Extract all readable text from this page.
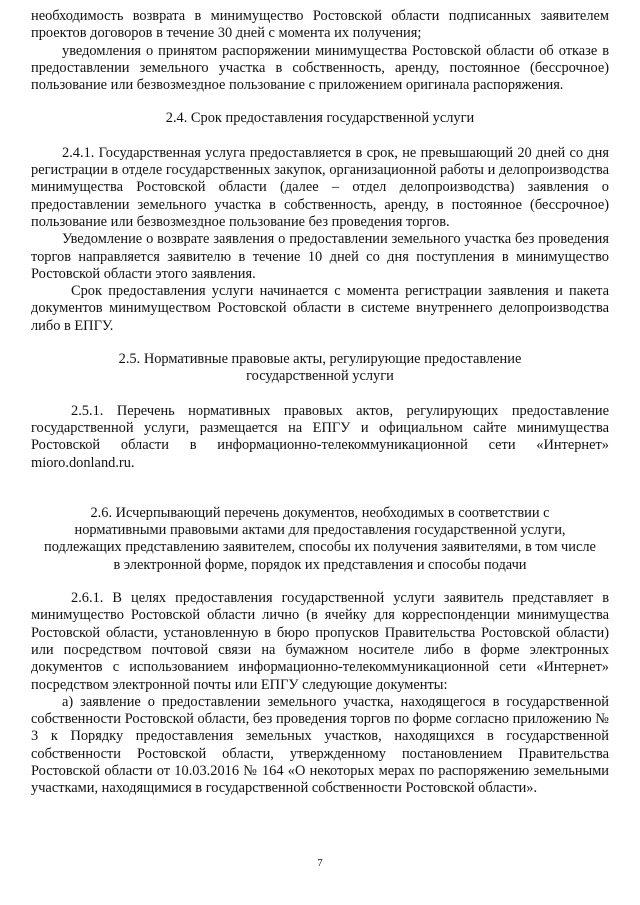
необходимость возврата в минимущество Ростовской области подписанных заявителем проектов договоров в течение 30 дней с момента их получения;

уведомления о принятом распоряжении минимущества Ростовской области об отказе в предоставлении земельного участка в собственность, аренду, постоянное (бессрочное) пользование или безвозмездное пользование с приложением оригинала распоряжения.

2.4. Срок предоставления государственной услуги

2.4.1. Государственная услуга предоставляется в срок, не превышающий 20 дней со дня регистрации в отделе государственных закупок, организационной работы и делопроизводства минимущества Ростовской области (далее – отдел делопроизводства) заявления о предоставлении земельного участка в собственность, аренду, в постоянное (бессрочное) пользование или безвозмездное пользование без проведения торгов.

Уведомление о возврате заявления о предоставлении земельного участка без проведения торгов направляется заявителю в течение 10 дней со дня поступления в минимущество Ростовской области этого заявления.

Срок предоставления услуги начинается с момента регистрации заявления и пакета документов минимуществом Ростовской области в системе внутреннего делопроизводства либо в ЕПГУ.

2.5. Нормативные правовые акты, регулирующие предоставление

государственной услуги

2.5.1. Перечень нормативных правовых актов, регулирующих предоставление государственной услуги, размещается на ЕПГУ и официальном сайте минимущества Ростовской области в информационно-телекоммуникационной сети «Интернет» mioro.donland.ru.

2.6. Исчерпывающий перечень документов, необходимых в соответствии с

нормативными правовыми актами для предоставления государственной услуги,

подлежащих представлению заявителем, способы их получения заявителями, в том числе

в электронной форме, порядок их представления и способы подачи

2.6.1. В целях предоставления государственной услуги заявитель представляет в минимущество Ростовской области лично (в ячейку для корреспонденции минимущества Ростовской области, установленную в бюро пропусков Правительства Ростовской области) или посредством почтовой связи на бумажном носителе либо в форме электронных документов с использованием информационно-телекоммуникационной сети «Интернет» посредством электронной почты или ЕПГУ следующие документы:

а) заявление о предоставлении земельного участка, находящегося в государственной собственности Ростовской области, без проведения торгов по форме согласно приложению № 3 к Порядку предоставления земельных участков, находящихся в государственной собственности Ростовской области, утвержденному постановлением Правительства Ростовской области от 10.03.2016 № 164 «О некоторых мерах по распоряжению земельными участками, находящимися в государственной собственности Ростовской области».

7
